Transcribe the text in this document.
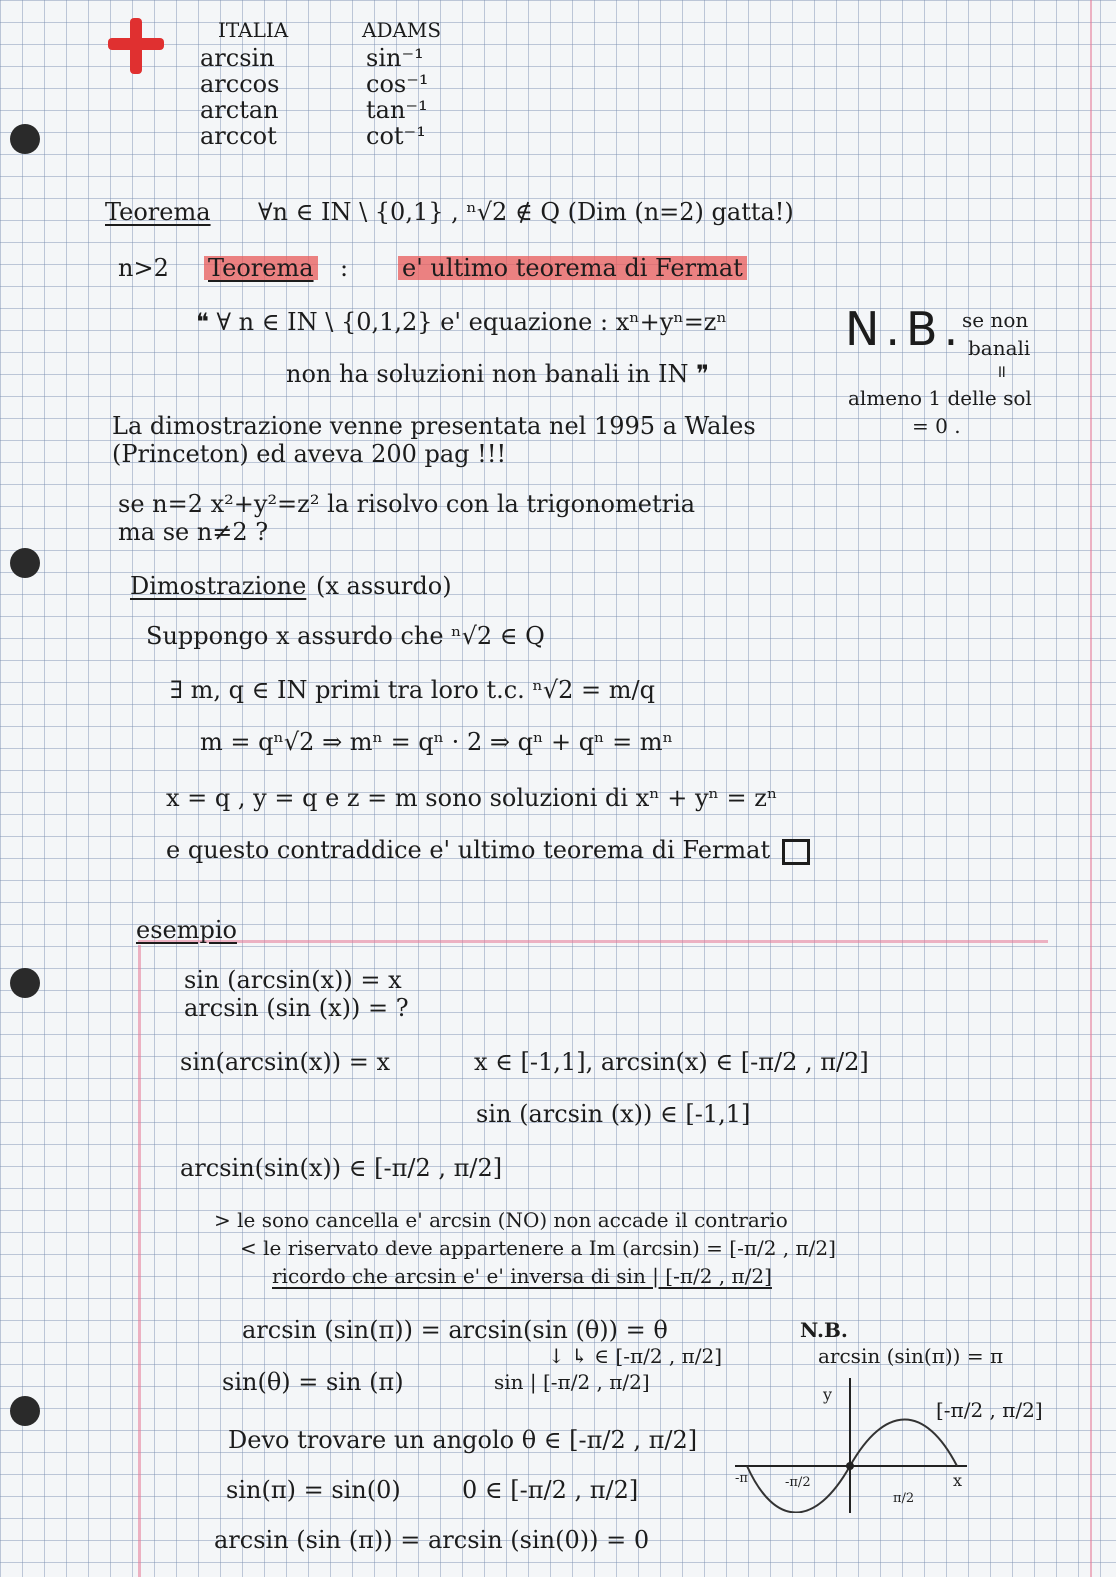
ITALIA	ADAMS
arcsin	sin⁻¹
arccos	cos⁻¹
arctan	tan⁻¹
arccot	cot⁻¹
Teorema ∀n ∈ IN \ {0,1} , ⁿ√2 ∉ Q (Dim (n=2) gatta!)
n>2 Teorema : e' ultimo teorema di Fermat
❝ ∀ n ∈ IN \ {0,1,2} e' equazione : xⁿ+yⁿ=zⁿ
non ha soluzioni non banali in IN ❞
N.B.
se non
banali
॥
almeno 1 delle sol
= 0 .
La dimostrazione venne presentata nel 1995 a Wales
(Princeton) ed aveva 200 pag !!!
se n=2 x²+y²=z² la risolvo con la trigonometria
ma se n≠2 ?
Dimostrazione (x assurdo)
Suppongo x assurdo che ⁿ√2 ∈ Q
∃ m, q ∈ IN primi tra loro t.c. ⁿ√2 = m/q
m = qⁿ√2 ⇒ mⁿ = qⁿ · 2 ⇒ qⁿ + qⁿ = mⁿ
x = q , y = q e z = m sono soluzioni di xⁿ + yⁿ = zⁿ
e questo contraddice e' ultimo teorema di Fermat
esempio
sin (arcsin(x)) = x
arcsin (sin (x)) = ?
sin(arcsin(x)) = x	x ∈ [-1,1], arcsin(x) ∈ [-π/2 , π/2]
sin (arcsin (x)) ∈ [-1,1]
arcsin(sin(x)) ∈ [-π/2 , π/2]
> le sono cancella e' arcsin (NO) non accade il contrario
< le riservato deve appartenere a Im (arcsin) = [-π/2 , π/2]
ricordo che arcsin e' e' inversa di sin | [-π/2 , π/2]
arcsin (sin(π)) = arcsin(sin (θ)) = θ
↓ ↳ ∈ [-π/2 , π/2]
sin(θ) = sin (π)	sin | [-π/2 , π/2]
Devo trovare un angolo θ ∈ [-π/2 , π/2]
sin(π) = sin(0)	0 ∈ [-π/2 , π/2]
arcsin (sin (π)) = arcsin (sin(0)) = 0
N.B.
arcsin (sin(π)) = π
[-π/2 , π/2]
y
x
-π	-π/2
π/2
